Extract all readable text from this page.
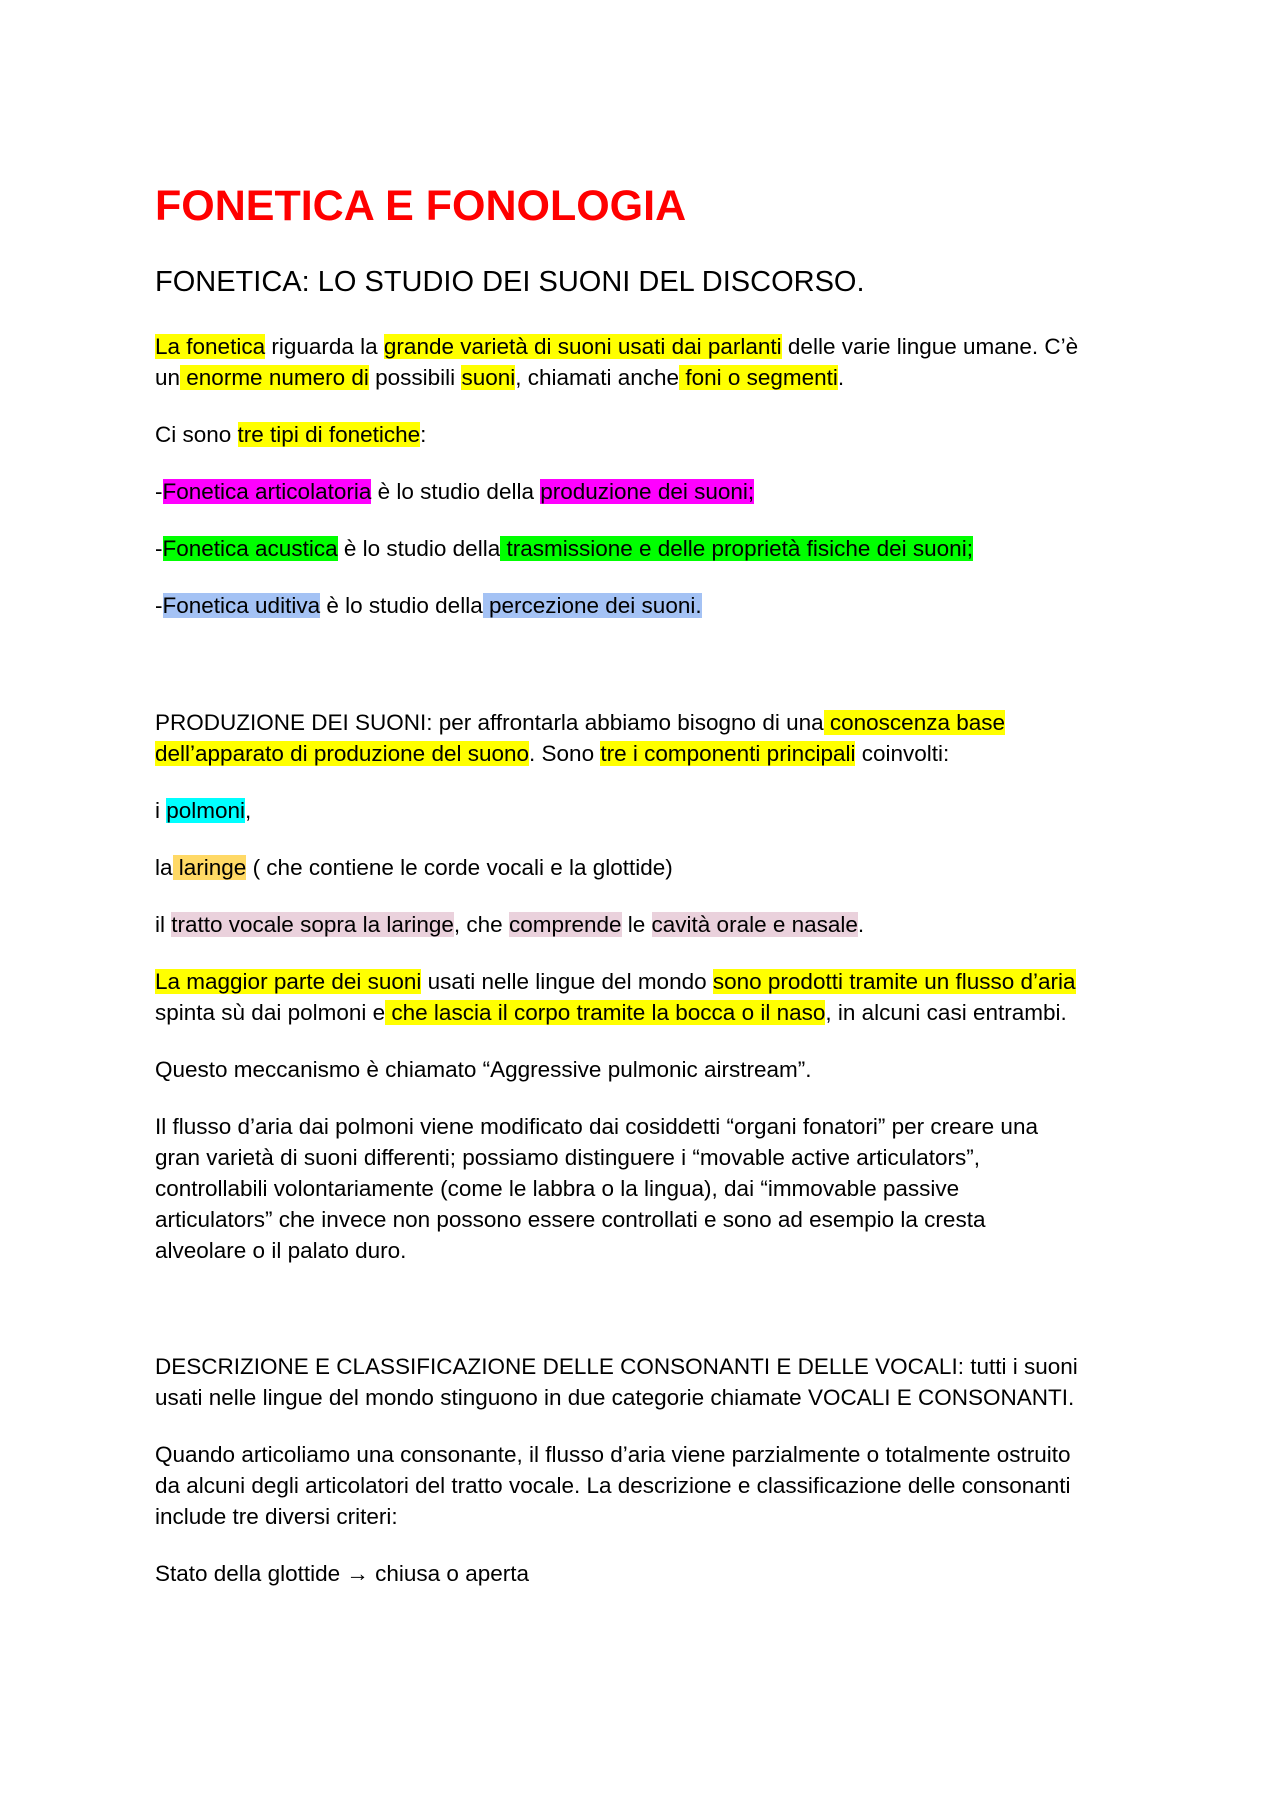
FONETICA E FONOLOGIA
FONETICA: LO STUDIO DEI SUONI DEL DISCORSO.
La fonetica riguarda la grande varietà di suoni usati dai parlanti delle varie lingue umane. C’è
un enorme numero di possibili suoni, chiamati anche foni o segmenti.
Ci sono tre tipi di fonetiche:
-Fonetica articolatoria è lo studio della produzione dei suoni;
-Fonetica acustica è lo studio della trasmissione e delle proprietà fisiche dei suoni;
-Fonetica uditiva è lo studio della percezione dei suoni.
PRODUZIONE DEI SUONI: per affrontarla abbiamo bisogno di una conoscenza base
dell’apparato di produzione del suono. Sono tre i componenti principali coinvolti:
i polmoni,
la laringe ( che contiene le corde vocali e la glottide)
il tratto vocale sopra la laringe, che comprende le cavità orale e nasale.
La maggior parte dei suoni usati nelle lingue del mondo sono prodotti tramite un flusso d’aria
spinta sù dai polmoni e che lascia il corpo tramite la bocca o il naso, in alcuni casi entrambi.
Questo meccanismo è chiamato “Aggressive pulmonic airstream”.
Il flusso d’aria dai polmoni viene modificato dai cosiddetti “organi fonatori” per creare una
gran varietà di suoni differenti; possiamo distinguere i “movable active articulators”,
controllabili volontariamente (come le labbra o la lingua), dai “immovable passive
articulators” che invece non possono essere controllati e sono ad esempio la cresta
alveolare o il palato duro.
DESCRIZIONE E CLASSIFICAZIONE DELLE CONSONANTI E DELLE VOCALI: tutti i suoni
usati nelle lingue del mondo stinguono in due categorie chiamate VOCALI E CONSONANTI.
Quando articoliamo una consonante, il flusso d’aria viene parzialmente o totalmente ostruito
da alcuni degli articolatori del tratto vocale. La descrizione e classificazione delle consonanti
include tre diversi criteri:
Stato della glottide → chiusa o aperta
